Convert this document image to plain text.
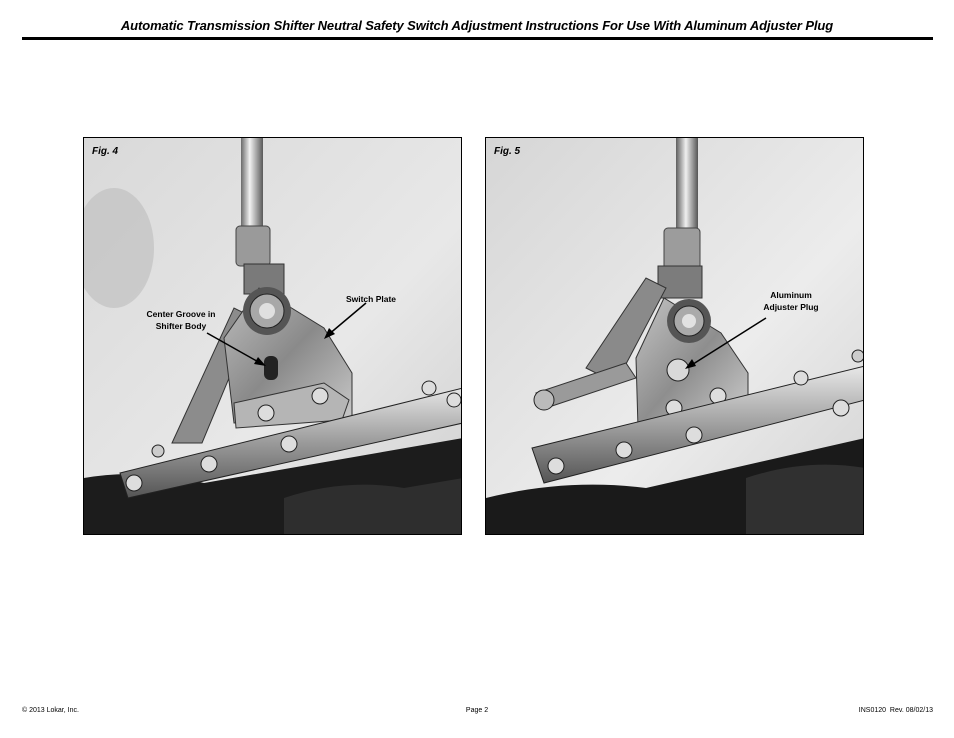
Automatic Transmission Shifter Neutral Safety Switch Adjustment Instructions For Use With Aluminum Adjuster Plug
Fig. 4
Center Groove in
Shifter Body
Switch Plate
Fig. 5
Aluminum
Adjuster Plug
© 2013 Lokar, Inc.	Page 2	INS0120  Rev. 08/02/13
